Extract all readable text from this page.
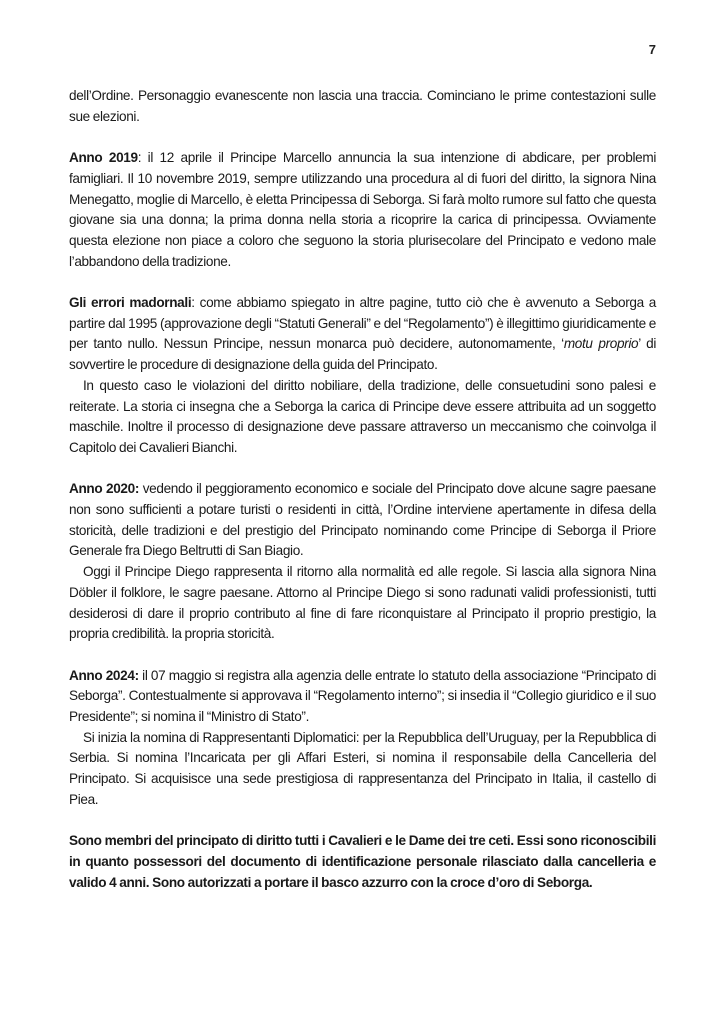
7

dell’Ordine. Personaggio evanescente non lascia una traccia. Cominciano le prime contestazioni sulle sue elezioni.

Anno 2019: il 12 aprile il Principe Marcello annuncia la sua intenzione di abdicare, per problemi famigliari. Il 10 novembre 2019, sempre utilizzando una procedura al di fuori del diritto, la signora Nina Menegatto, moglie di Marcello, è eletta Principessa di Seborga. Si farà molto rumore sul fatto che questa giovane sia una donna; la prima donna nella storia a ricoprire la carica di principessa. Ovviamente questa elezione non piace a coloro che seguono la storia plurisecolare del Principato e vedono male l’abbandono della tradizione.

Gli errori madornali: come abbiamo spiegato in altre pagine, tutto ciò che è avvenuto a Seborga a partire dal 1995 (approvazione degli “Statuti Generali” e del “Regolamento”) è illegittimo giuridicamente e per tanto nullo. Nessun Principe, nessun monarca può decidere, autonomamente, ‘motu proprio’ di sovvertire le procedure di designazione della guida del Principato.

In questo caso le violazioni del diritto nobiliare, della tradizione, delle consuetudini sono palesi e reiterate. La storia ci insegna che a Seborga la carica di Principe deve essere attribuita ad un soggetto maschile. Inoltre il processo di designazione deve passare attraverso un meccanismo che coinvolga il Capitolo dei Cavalieri Bianchi.

Anno 2020: vedendo il peggioramento economico e sociale del Principato dove alcune sagre paesane non sono sufficienti a potare turisti o residenti in città, l’Ordine interviene apertamente in difesa della storicità, delle tradizioni e del prestigio del Principato nominando come Principe di Seborga il Priore Generale fra Diego Beltrutti di San Biagio.

Oggi il Principe Diego rappresenta il ritorno alla normalità ed alle regole. Si lascia alla signora Nina Döbler il folklore, le sagre paesane. Attorno al Principe Diego si sono radunati validi professionisti, tutti desiderosi di dare il proprio contributo al fine di fare riconquistare al Principato il proprio prestigio, la propria credibilità. la propria storicità.

Anno 2024: il 07 maggio si registra alla agenzia delle entrate lo statuto della associazione “Principato di Seborga”. Contestualmente si approvava il “Regolamento interno”; si insedia il “Collegio giuridico e il suo Presidente”; si nomina il “Ministro di Stato”.

Si inizia la nomina di Rappresentanti Diplomatici: per la Repubblica dell’Uruguay, per la Repubblica di Serbia. Si nomina l’Incaricata per gli Affari Esteri, si nomina il responsabile della Cancelleria del Principato. Si acquisisce una sede prestigiosa di rappresentanza del Principato in Italia, il castello di Piea.

Sono membri del principato di diritto tutti i Cavalieri e le Dame dei tre ceti. Essi sono riconoscibili in quanto possessori del documento di identificazione personale rilasciato dalla cancelleria e valido 4 anni. Sono autorizzati a portare il basco azzurro con la croce d’oro di Seborga.
